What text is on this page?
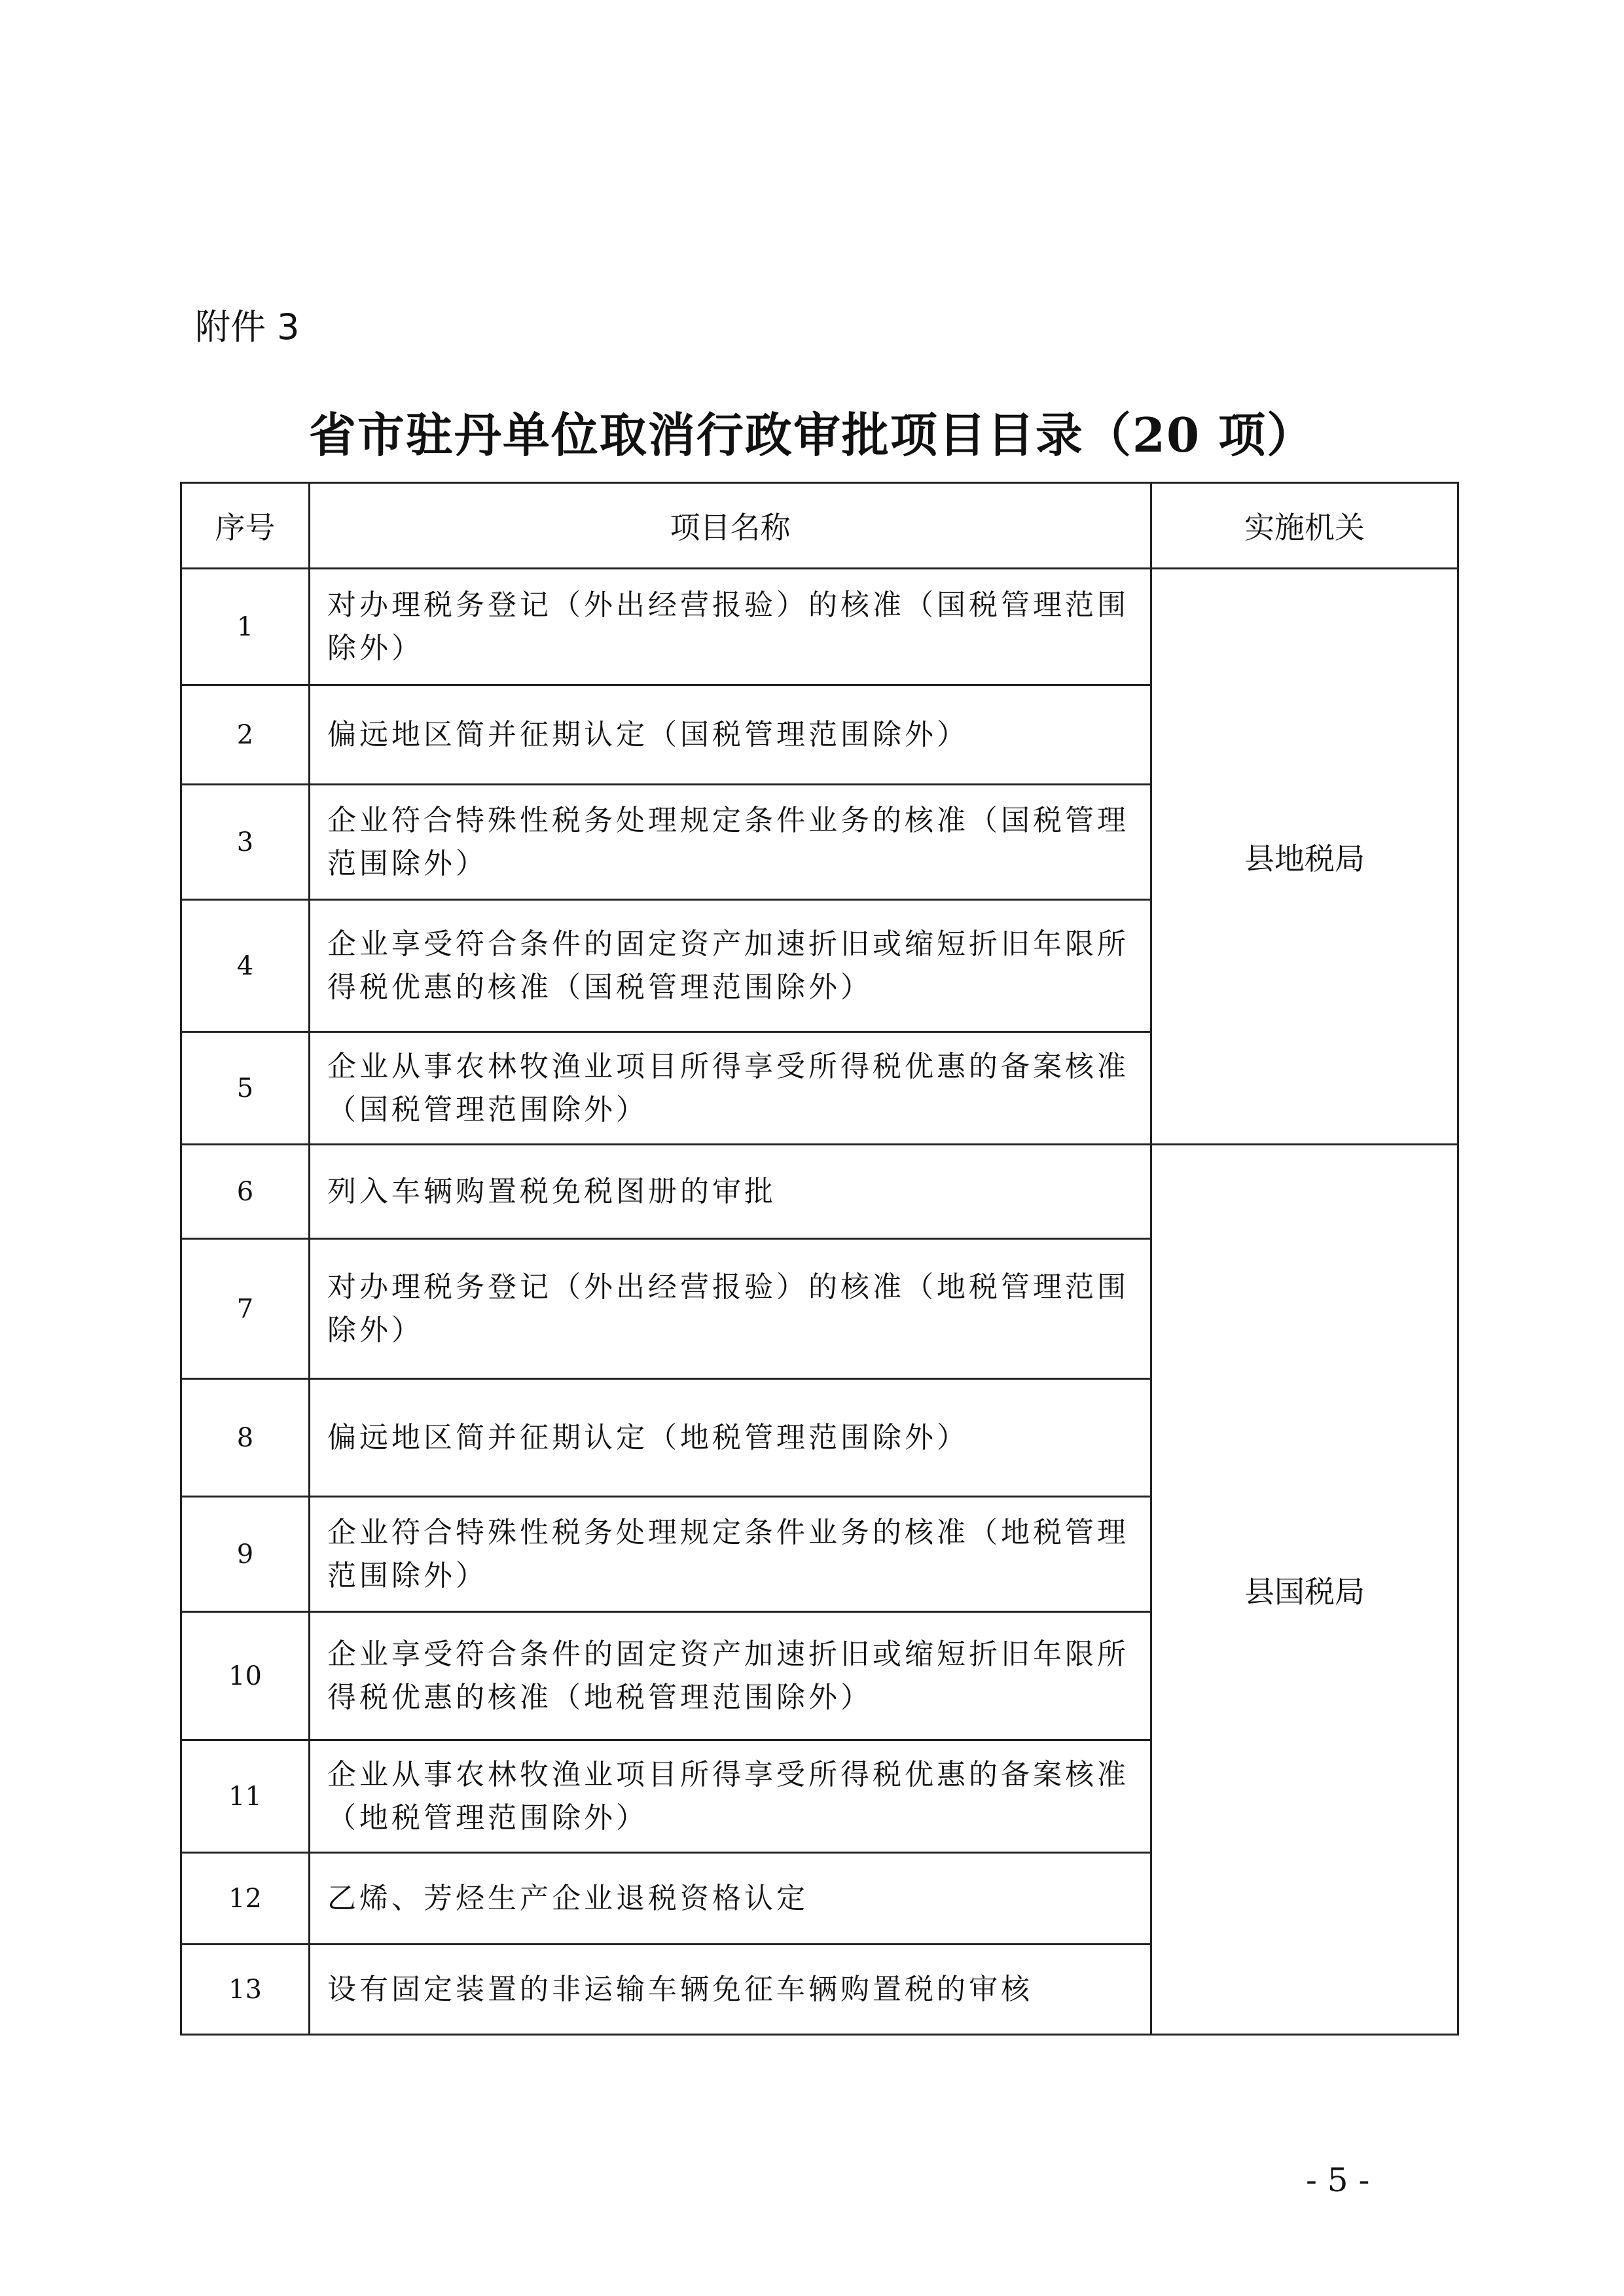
附件 3
省市驻丹单位取消行政审批项目目录（20 项）
序号	项目名称	实施机关
1	对办理税务登记（外出经营报验）的核准（国税管理范围除外）	县地税局
2	偏远地区简并征期认定（国税管理范围除外）	
3	企业符合特殊性税务处理规定条件业务的核准（国税管理范围除外）	
4	企业享受符合条件的固定资产加速折旧或缩短折旧年限所得税优惠的核准（国税管理范围除外）	
5	企业从事农林牧渔业项目所得享受所得税优惠的备案核准（国税管理范围除外）	
6	列入车辆购置税免税图册的审批	县国税局
7	对办理税务登记（外出经营报验）的核准（地税管理范围除外）	
8	偏远地区简并征期认定（地税管理范围除外）	
9	企业符合特殊性税务处理规定条件业务的核准（地税管理范围除外）	
10	企业享受符合条件的固定资产加速折旧或缩短折旧年限所得税优惠的核准（地税管理范围除外）	
11	企业从事农林牧渔业项目所得享受所得税优惠的备案核准（地税管理范围除外）	
12	乙烯、芳烃生产企业退税资格认定	
13	设有固定装置的非运输车辆免征车辆购置税的审核	
- 5 -
